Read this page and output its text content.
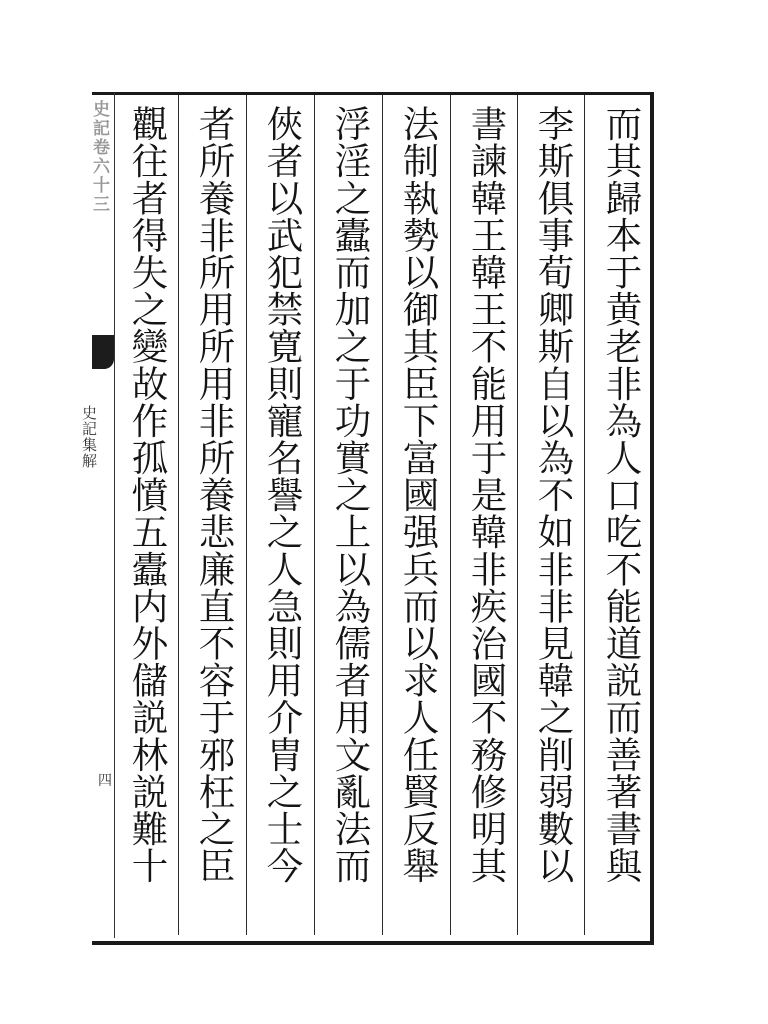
史記卷六十三
史記集解
四	而其歸本于黄老非為人口吃不能道説而善著書與
李斯俱事荀卿斯自以為不如非非見韓之削弱數以
書諫韓王韓王不能用于是韓非疾治國不務修明其
法制執勢以御其臣下富國强兵而以求人任賢反舉
浮淫之蠹而加之于功實之上以為儒者用文亂法而
俠者以武犯禁寛則寵名譽之人急則用介胄之士今
者所養非所用所用非所養悲廉直不容于邪枉之臣
觀往者得失之變故作孤憤五蠹内外儲説林説難十
